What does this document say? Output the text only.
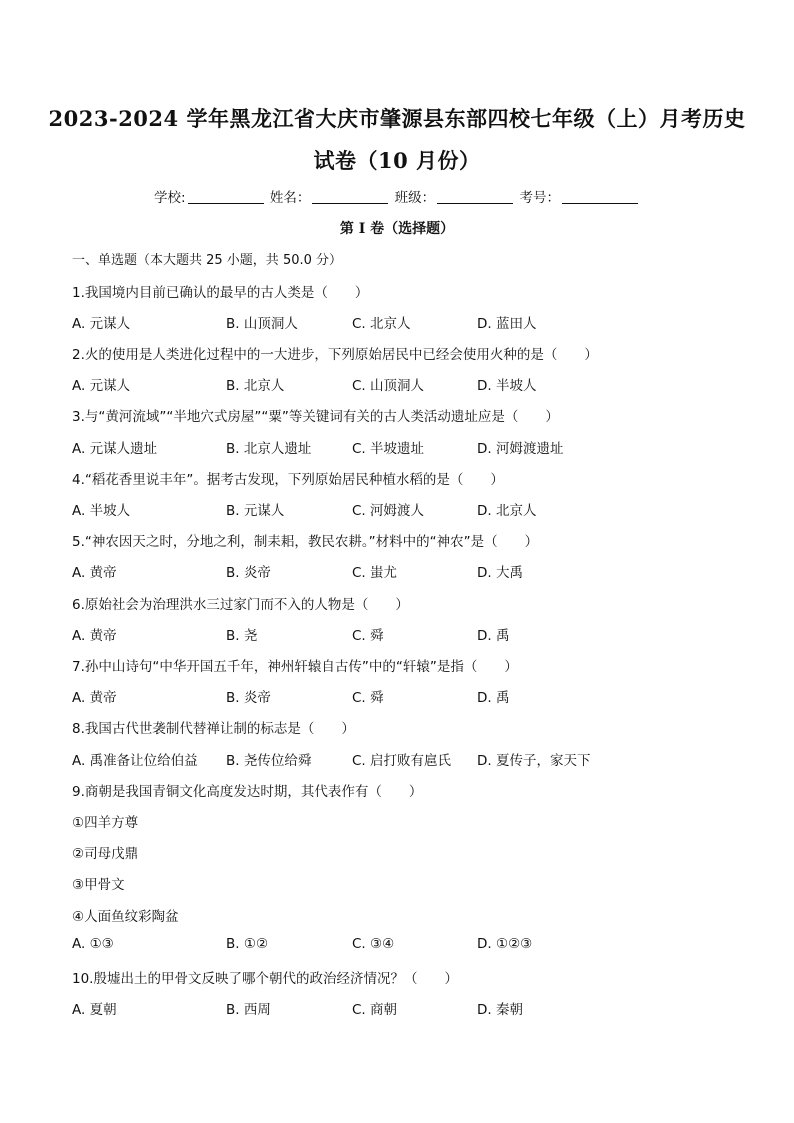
2023-2024 学年黑龙江省大庆市肇源县东部四校七年级（上）月考历史
试卷（10 月份）
学校:	姓名：	班级：	考号：
第 I 卷（选择题）
一、单选题（本大题共 25 小题，共 50.0 分）
1.我国境内目前已确认的最早的古人类是（　　）
A. 元谋人	B. 山顶洞人	C. 北京人	D. 蓝田人
2.火的使用是人类进化过程中的一大进步，下列原始居民中已经会使用火种的是（　　）
A. 元谋人	B. 北京人	C. 山顶洞人	D. 半坡人
3.与“黄河流域”“半地穴式房屋”“粟”等关键词有关的古人类活动遗址应是（　　）
A. 元谋人遗址	B. 北京人遗址	C. 半坡遗址	D. 河姆渡遗址
4.“稻花香里说丰年”。据考古发现，下列原始居民种植水稻的是（　　）
A. 半坡人	B. 元谋人	C. 河姆渡人	D. 北京人
5.“神农因天之时，分地之利，制耒耜，教民农耕。”材料中的“神农”是（　　）
A. 黄帝	B. 炎帝	C. 蚩尤	D. 大禹
6.原始社会为治理洪水三过家门而不入的人物是（　　）
A. 黄帝	B. 尧	C. 舜	D. 禹
7.孙中山诗句“中华开国五千年，神州轩辕自古传”中的“轩辕”是指（　　）
A. 黄帝	B. 炎帝	C. 舜	D. 禹
8.我国古代世袭制代替禅让制的标志是（　　）
A. 禹准备让位给伯益 B. 尧传位给舜	C. 启打败有扈氏 D. 夏传子，家天下
9.商朝是我国青铜文化高度发达时期，其代表作有（　　）
①四羊方尊
②司母戊鼎
③甲骨文
④人面鱼纹彩陶盆
A. ①③	B. ①②	C. ③④	D. ①②③
10.殷墟出土的甲骨文反映了哪个朝代的政治经济情况？（　　）
A. 夏朝	B. 西周	C. 商朝	D. 秦朝
